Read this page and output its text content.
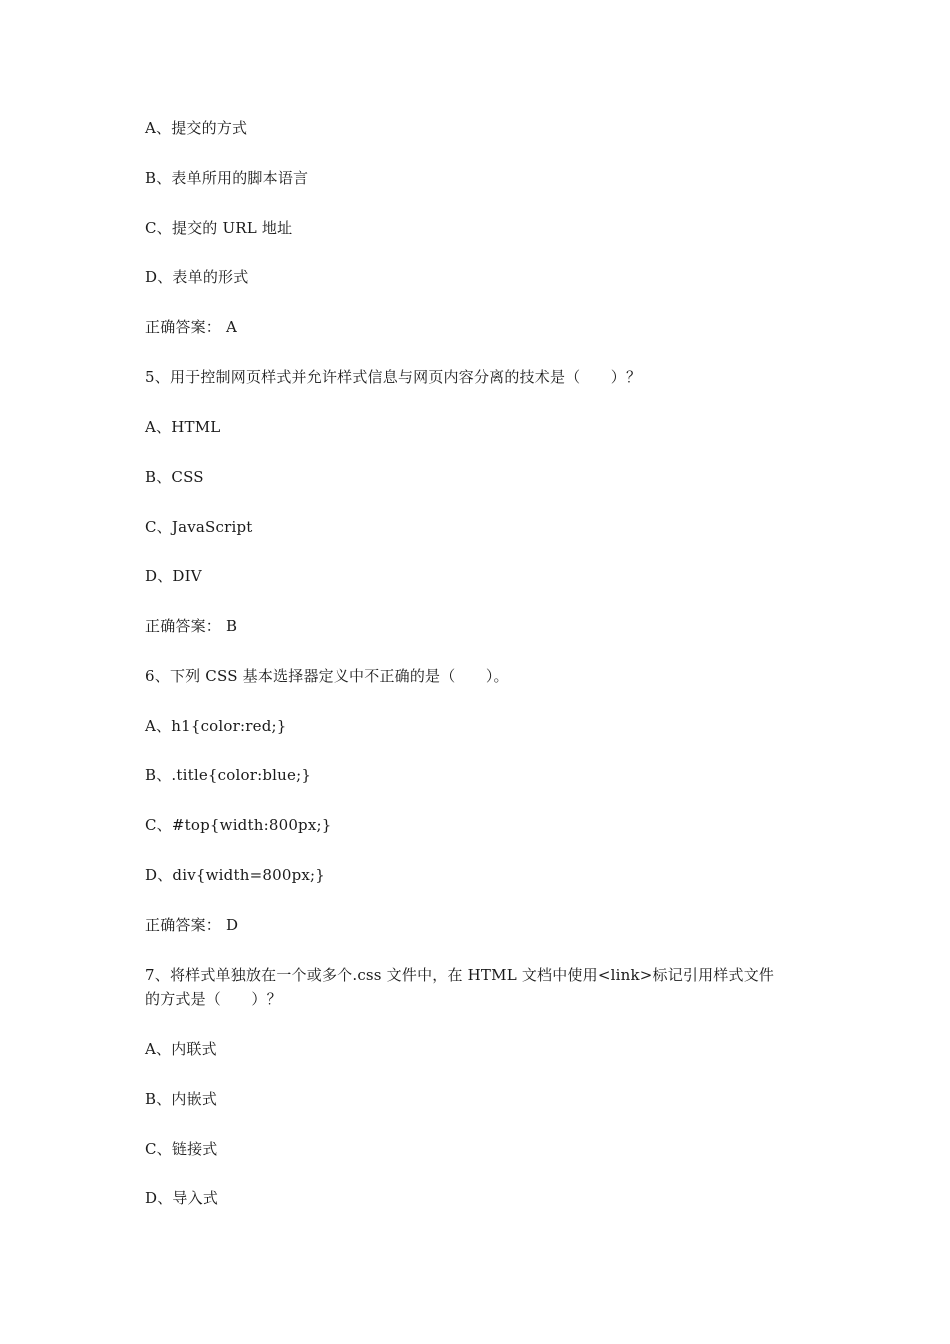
A、提交的方式
B、表单所用的脚本语言
C、提交的 URL 地址
D、表单的形式
正确答案： A
5、用于控制网页样式并允许样式信息与网页内容分离的技术是（　　）？
A、HTML
B、CSS
C、JavaScript
D、DIV
正确答案： B
6、下列 CSS 基本选择器定义中不正确的是（　　）。
A、h1{color:red;}
B、.title{color:blue;}
C、#top{width:800px;}
D、div{width=800px;}
正确答案： D
7、将样式单独放在一个或多个.css 文件中，在 HTML 文档中使用<link>标记引用样式文件
的方式是（　　）？
A、内联式
B、内嵌式
C、链接式
D、导入式
